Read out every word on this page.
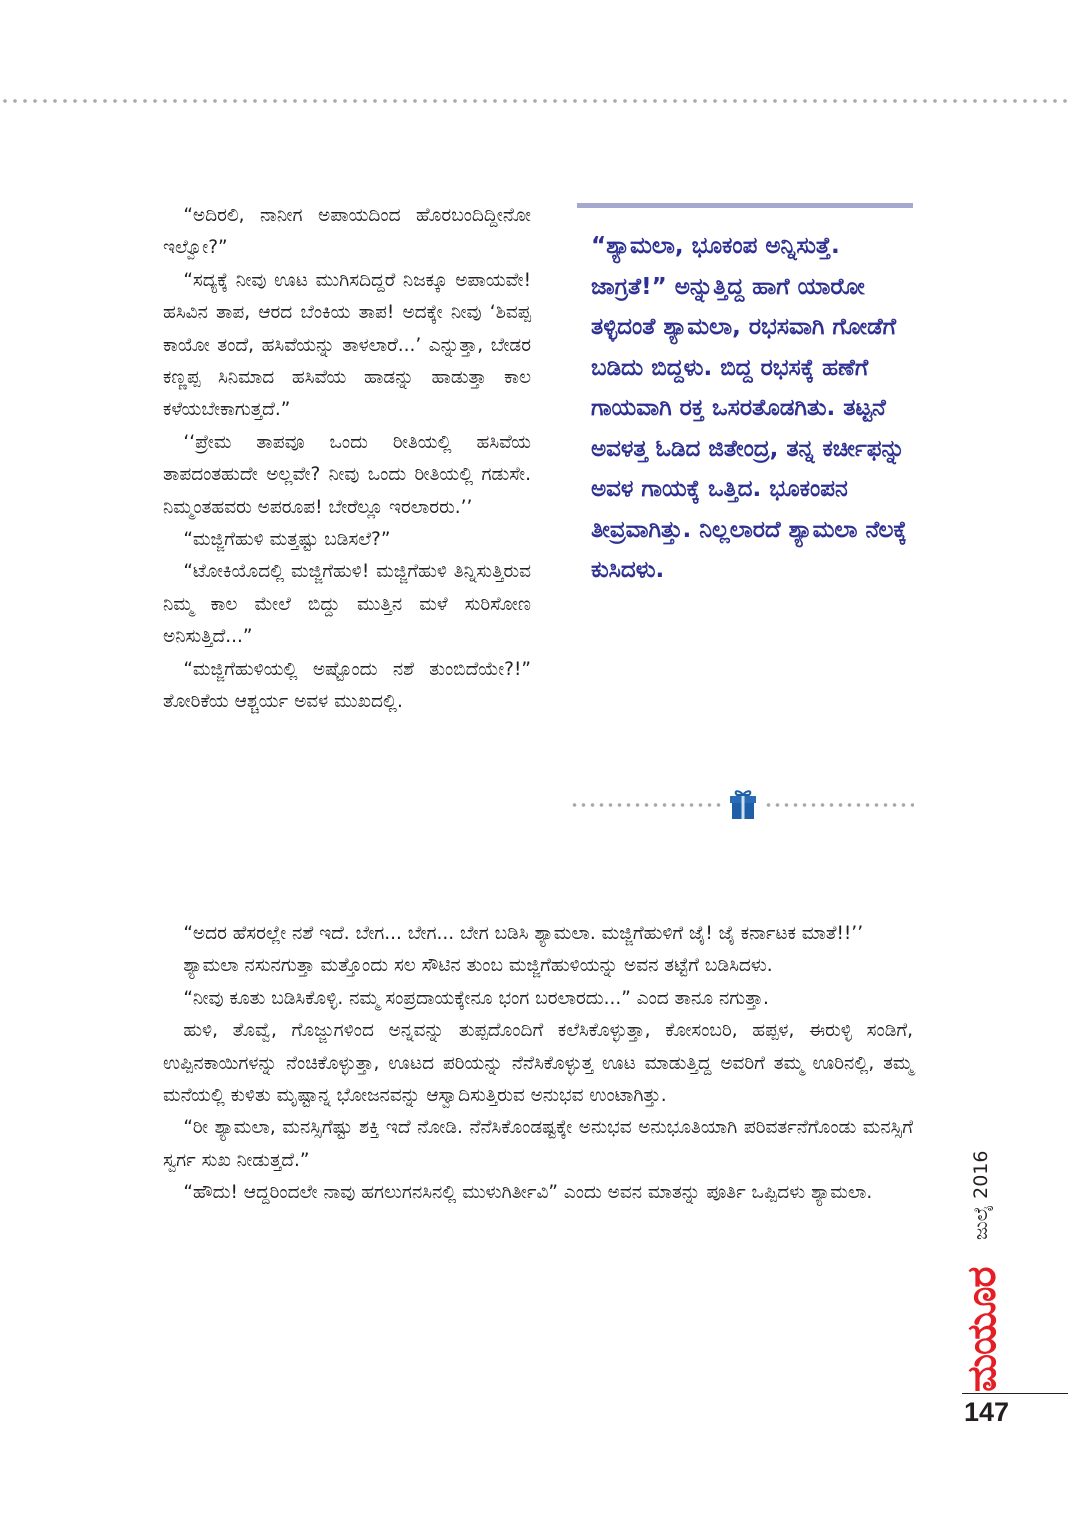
“ಅದಿರಲಿ, ನಾನೀಗ ಅಪಾಯದಿಂದ ಹೊರಬಂದಿದ್ದೀನೋ ಇಲ್ವೋ?”

“ಸದ್ಯಕ್ಕೆ ನೀವು ಊಟ ಮುಗಿಸದಿದ್ದರೆ ನಿಜಕ್ಕೂ ಅಪಾಯವೇ! ಹಸಿವಿನ ತಾಪ, ಆರದ ಬೆಂಕಿಯ ತಾಪ! ಅದಕ್ಕೇ ನೀವು ‘ಶಿವಪ್ಪ ಕಾಯೋ ತಂದೆ, ಹಸಿವೆಯನ್ನು ತಾಳಲಾರೆ...’ ಎನ್ನುತ್ತಾ, ಬೇಡರ ಕಣ್ಣಪ್ಪ ಸಿನಿಮಾದ ಹಸಿವೆಯ ಹಾಡನ್ನು ಹಾಡುತ್ತಾ ಕಾಲ ಕಳೆಯಬೇಕಾಗುತ್ತದೆ.”

‘‘ಪ್ರೇಮ ತಾಪವೂ ಒಂದು ರೀತಿಯಲ್ಲಿ ಹಸಿವೆಯ ತಾಪದಂತಹುದೇ ಅಲ್ಲವೇ? ನೀವು ಒಂದು ರೀತಿಯಲ್ಲಿ ಗಡುಸೇ. ನಿಮ್ಮಂತಹವರು ಅಪರೂಪ! ಬೇರೆಲ್ಲೂ ಇರಲಾರರು.’’

“ಮಜ್ಜಿಗೆಹುಳಿ ಮತ್ತಷ್ಟು ಬಡಿಸಲೆ?”

“ಟೋಕಿಯೊದಲ್ಲಿ ಮಜ್ಜಿಗೆಹುಳಿ! ಮಜ್ಜಿಗೆಹುಳಿ ತಿನ್ನಿಸುತ್ತಿರುವ ನಿಮ್ಮ ಕಾಲ ಮೇಲೆ ಬಿದ್ದು ಮುತ್ತಿನ ಮಳೆ ಸುರಿಸೋಣ ಅನಿಸುತ್ತಿದೆ...”

“ಮಜ್ಜಿಗೆಹುಳಿಯಲ್ಲಿ ಅಷ್ಟೊಂದು ನಶೆ ತುಂಬಿದೆಯೇ?!” ತೋರಿಕೆಯ ಆಶ್ಚರ್ಯ ಅವಳ ಮುಖದಲ್ಲಿ.

“ಶ್ಯಾಮಲಾ, ಭೂಕಂಪ ಅನ್ನಿಸುತ್ತೆ. ಜಾಗ್ರತೆ!” ಅನ್ನುತ್ತಿದ್ದ ಹಾಗೆ ಯಾರೋ ತಳ್ಳಿದಂತೆ ಶ್ಯಾಮಲಾ, ರಭಸವಾಗಿ ಗೋಡೆಗೆ ಬಡಿದು ಬಿದ್ದಳು. ಬಿದ್ದ ರಭಸಕ್ಕೆ ಹಣೆಗೆ ಗಾಯವಾಗಿ ರಕ್ತ ಒಸರತೊಡಗಿತು. ತಟ್ಟನೆ ಅವಳತ್ತ ಓಡಿದ ಜಿತೇಂದ್ರ, ತನ್ನ ಕರ್ಚೀಫನ್ನು ಅವಳ ಗಾಯಕ್ಕೆ ಒತ್ತಿದ. ಭೂಕಂಪನ ತೀವ್ರವಾಗಿತ್ತು. ನಿಲ್ಲಲಾರದೆ ಶ್ಯಾಮಲಾ ನೆಲಕ್ಕೆ ಕುಸಿದಳು.

“ಅದರ ಹೆಸರಲ್ಲೇ ನಶೆ ಇದೆ. ಬೇಗ... ಬೇಗ... ಬೇಗ ಬಡಿಸಿ ಶ್ಯಾಮಲಾ. ಮಜ್ಜಿಗೆಹುಳಿಗೆ ಜೈ! ಜೈ ಕರ್ನಾಟಕ ಮಾತೆ!!’’

ಶ್ಯಾಮಲಾ ನಸುನಗುತ್ತಾ ಮತ್ತೊಂದು ಸಲ ಸೌಟಿನ ತುಂಬ ಮಜ್ಜಿಗೆಹುಳಿಯನ್ನು ಅವನ ತಟ್ಟೆಗೆ ಬಡಿಸಿದಳು.

“ನೀವು ಕೂತು ಬಡಿಸಿಕೊಳ್ಳಿ. ನಮ್ಮ ಸಂಪ್ರದಾಯಕ್ಕೇನೂ ಭಂಗ ಬರಲಾರದು...” ಎಂದ ತಾನೂ ನಗುತ್ತಾ.

ಹುಳಿ, ತೊವ್ವೆ, ಗೊಜ್ಜುಗಳಿಂದ ಅನ್ನವನ್ನು ತುಪ್ಪದೊಂದಿಗೆ ಕಲೆಸಿಕೊಳ್ಳುತ್ತಾ, ಕೋಸಂಬರಿ, ಹಪ್ಪಳ, ಈರುಳ್ಳಿ ಸಂಡಿಗೆ, ಉಪ್ಪಿನಕಾಯಿಗಳನ್ನು ನೆಂಚಿಕೊಳ್ಳುತ್ತಾ, ಊಟದ ಪರಿಯನ್ನು ನೆನೆಸಿಕೊಳ್ಳುತ್ತ ಊಟ ಮಾಡುತ್ತಿದ್ದ ಅವರಿಗೆ ತಮ್ಮ ಊರಿನಲ್ಲಿ, ತಮ್ಮ ಮನೆಯಲ್ಲಿ ಕುಳಿತು ಮೃಷ್ಟಾನ್ನ ಭೋಜನವನ್ನು ಆಸ್ವಾದಿಸುತ್ತಿರುವ ಅನುಭವ ಉಂಟಾಗಿತ್ತು.

“ರೀ ಶ್ಯಾಮಲಾ, ಮನಸ್ಸಿಗೆಷ್ಟು ಶಕ್ತಿ ಇದೆ ನೋಡಿ. ನೆನೆಸಿಕೊಂಡಷ್ಟಕ್ಕೇ ಅನುಭವ ಅನುಭೂತಿಯಾಗಿ ಪರಿವರ್ತನೆಗೊಂಡು ಮನಸ್ಸಿಗೆ ಸ್ವರ್ಗ ಸುಖ ನೀಡುತ್ತದೆ.”

“ಹೌದು! ಆದ್ದರಿಂದಲೇ ನಾವು ಹಗಲುಗನಸಿನಲ್ಲಿ ಮುಳುಗಿರ್ತೀವಿ” ಎಂದು ಅವನ ಮಾತನ್ನು ಪೂರ್ತಿ ಒಪ್ಪಿದಳು ಶ್ಯಾಮಲಾ.	ಜುಲೈ 2016
ಮಯೂರ
147
